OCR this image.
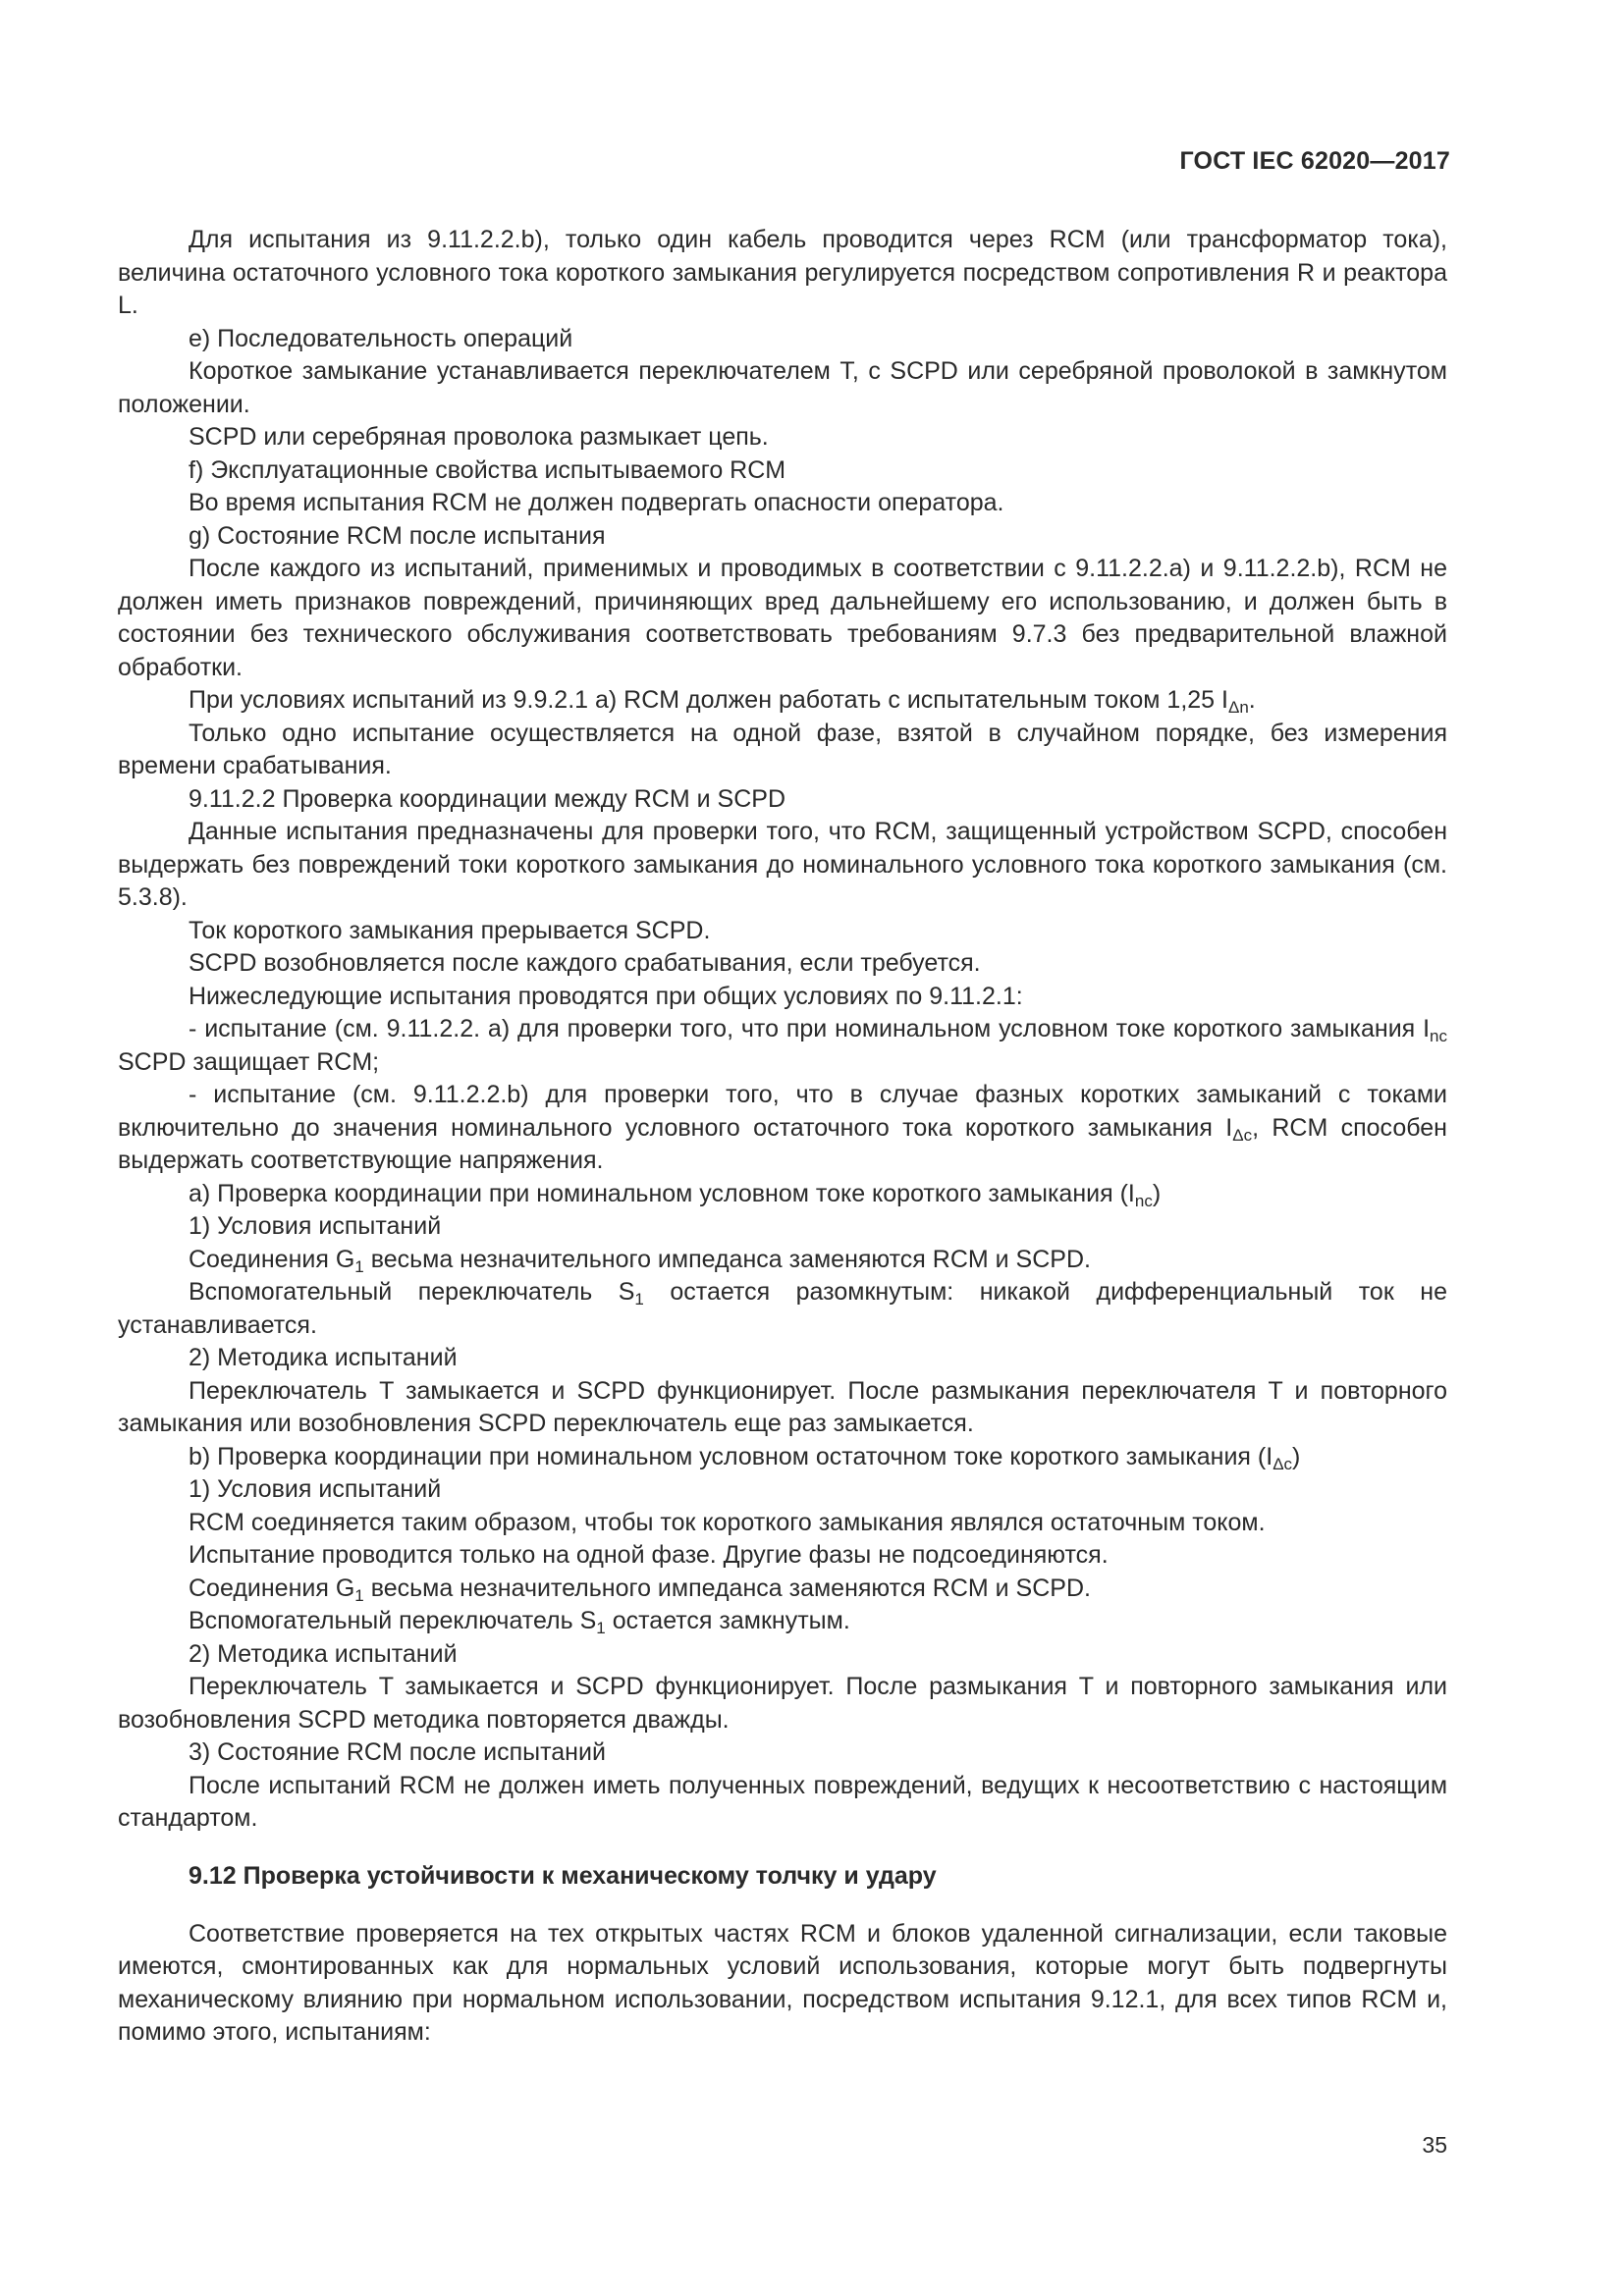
ГОСТ IEC 62020—2017

Для испытания из 9.11.2.2.b), только один кабель проводится через RCM (или трансформатор тока), величина остаточного условного тока короткого замыкания регулируется посредством сопротивления R и реактора L.

e) Последовательность операций

Короткое замыкание устанавливается переключателем T, с SCPD или серебряной проволокой в замкнутом положении.

SCPD или серебряная проволока размыкает цепь.

f) Эксплуатационные свойства испытываемого RCM

Во время испытания RCM не должен подвергать опасности оператора.

g) Состояние RCM после испытания

После каждого из испытаний, применимых и проводимых в соответствии с 9.11.2.2.a) и 9.11.2.2.b), RCM не должен иметь признаков повреждений, причиняющих вред дальнейшему его использованию, и должен быть в состоянии без технического обслуживания соответствовать требованиям 9.7.3 без предварительной влажной обработки.

При условиях испытаний из 9.9.2.1 a) RCM должен работать с испытательным током 1,25 $I_{\Delta n}$.

Только одно испытание осуществляется на одной фазе, взятой в случайном порядке, без измерения времени срабатывания.

9.11.2.2 Проверка координации между RCM и SCPD

Данные испытания предназначены для проверки того, что RCM, защищенный устройством SCPD, способен выдержать без повреждений токи короткого замыкания до номинального условного тока короткого замыкания (см. 5.3.8).

Ток короткого замыкания прерывается SCPD.

SCPD возобновляется после каждого срабатывания, если требуется.

Нижеследующие испытания проводятся при общих условиях по 9.11.2.1:

- испытание (см. 9.11.2.2. а) для проверки того, что при номинальном условном токе короткого замыкания $I_{nc}$ SCPD защищает RCM;

- испытание (см. 9.11.2.2.b) для проверки того, что в случае фазных коротких замыканий с токами включительно до значения номинального условного остаточного тока короткого замыкания $I_{\Delta c}$, RCM способен выдержать соответствующие напряжения.

a) Проверка координации при номинальном условном токе короткого замыкания $(I_{nc})$

1) Условия испытаний

Соединения $G_1$ весьма незначительного импеданса заменяются RCM и SCPD.

Вспомогательный переключатель $S_1$ остается разомкнутым: никакой дифференциальный ток не устанавливается.

2) Методика испытаний

Переключатель T замыкается и SCPD функционирует. После размыкания переключателя T и повторного замыкания или возобновления SCPD переключатель еще раз замыкается.

b) Проверка координации при номинальном условном остаточном токе короткого замыкания $(I_{\Delta c})$

1) Условия испытаний

RCM соединяется таким образом, чтобы ток короткого замыкания являлся остаточным током.

Испытание проводится только на одной фазе. Другие фазы не подсоединяются.

Соединения $G_1$ весьма незначительного импеданса заменяются RCM и SCPD.

Вспомогательный переключатель $S_1$ остается замкнутым.

2) Методика испытаний

Переключатель T замыкается и SCPD функционирует. После размыкания T и повторного замыкания или возобновления SCPD методика повторяется дважды.

3) Состояние RCM после испытаний

После испытаний RCM не должен иметь полученных повреждений, ведущих к несоответствию с настоящим стандартом.

9.12 Проверка устойчивости к механическому толчку и удару

Соответствие проверяется на тех открытых частях RCM и блоков удаленной сигнализации, если таковые имеются, смонтированных как для нормальных условий использования, которые могут быть подвергнуты механическому влиянию при нормальном использовании, посредством испытания 9.12.1, для всех типов RCM и, помимо этого, испытаниям:

35
